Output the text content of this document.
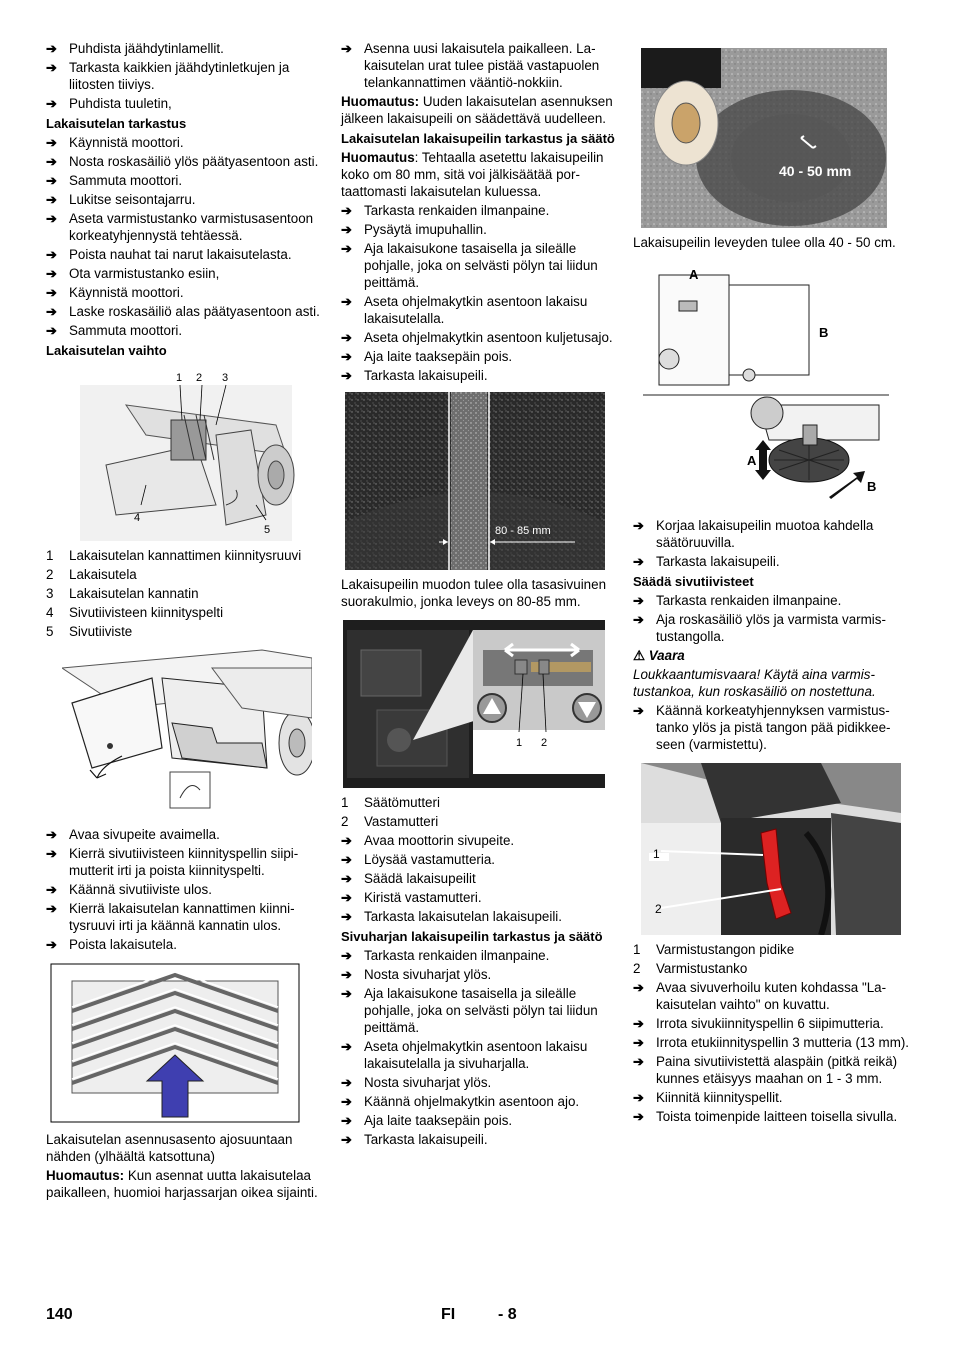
➔ Puhdista jäähdytinlamellit.
➔ Tarkasta kaikkien jäähdytinletkujen ja liitosten tiiviys.
➔ Puhdista tuuletin,
Lakaisutelan tarkastus
➔ Käynnistä moottori.
➔ Nosta roskasäiliö ylös päätyasentoon asti.
➔ Sammuta moottori.
➔ Lukitse seisontajarru.
➔ Aseta varmistustanko varmistusasentoon korkeatyhjennystä tehtäessä.
➔ Poista nauhat tai narut lakaisutelasta.
➔ Ota varmistustanko esiin,
➔ Käynnistä moottori.
➔ Laske roskasäiliö alas päätyasentoon asti.
➔ Sammuta moottori.
Lakaisutelan vaihto
1 2 3
4
5
1 Lakaisutelan kannattimen kiinnitysruuvi
2 Lakaisutela
3 Lakaisutelan kannatin
4 Sivutiivisteen kiinnityspelti
5 Sivutiiviste
➔ Avaa sivupeite avaimella.
➔ Kierrä sivutiivisteen kiinnityspellin siipimutterit irti ja poista kiinnityspelti.
➔ Käännä sivutiiviste ulos.
➔ Kierrä lakaisutelan kannattimen kiinnitysruuvi irti ja käännä kannatin ulos.
➔ Poista lakaisutela.
Lakaisutelan asennusasento ajosuuntaan nähden (ylhäältä katsottuna)
Huomautus: Kun asennat uutta lakaisutelaa paikalleen, huomioi harjassarjan oikea sijainti.
➔ Asenna uusi lakaisutela paikalleen. Lakaisutelan urat tulee pistää vastapuolen telankannattimen vääntiö-nokkiin.
Huomautus: Uuden lakaisutelan asennuksen jälkeen lakaisupeili on säädettävä uudelleen.
Lakaisutelan lakaisupeilin tarkastus ja säätö
Huomautus: Tehtaalla asetettu lakaisupeilin koko om 80 mm, sitä voi jälkisäätää portaattomasti lakaisutelan kuluessa.
➔ Tarkasta renkaiden ilmanpaine.
➔ Pysäytä imupuhallin.
➔ Aja lakaisukone tasaisella ja sileälle pohjalle, joka on selvästi pölyn tai liidun peittämä.
➔ Aseta ohjelmakytkin asentoon lakaisu lakaisutelalla.
➔ Aseta ohjelmakytkin asentoon kuljetusajo.
➔ Aja laite taaksepäin pois.
➔ Tarkasta lakaisupeili.
80 - 85 mm
Lakaisupeilin muodon tulee olla tasasivuinen suorakulmio, jonka leveys on 80-85 mm.
1 2
1 Säätömutteri
2 Vastamutteri
➔ Avaa moottorin sivupeite.
➔ Löysää vastamutteria.
➔ Säädä lakaisupeilit
➔ Kiristä vastamutteri.
➔ Tarkasta lakaisutelan lakaisupeili.
Sivuharjan lakaisupeilin tarkastus ja säätö
➔ Tarkasta renkaiden ilmanpaine.
➔ Nosta sivuharjat ylös.
➔ Aja lakaisukone tasaisella ja sileälle pohjalle, joka on selvästi pölyn tai liidun peittämä.
➔ Aseta ohjelmakytkin asentoon lakaisu lakaisutelalla ja sivuharjalla.
➔ Nosta sivuharjat ylös.
➔ Käännä ohjelmakytkin asentoon ajo.
➔ Aja laite taaksepäin pois.
➔ Tarkasta lakaisupeili.
40 - 50 mm
Lakaisupeilin leveyden tulee olla 40 - 50 cm.
A
B
A
B
➔ Korjaa lakaisupeilin muotoa kahdella säätöruuvilla.
➔ Tarkasta lakaisupeili.
Säädä sivutiivisteet
➔ Tarkasta renkaiden ilmanpaine.
➔ Aja roskasäiliö ylös ja varmista varmistustangolla.
⚠ Vaara
Loukkaantumisvaara! Käytä aina varmistustankoa, kun roskasäiliö on nostettuna.
➔ Käännä korkeatyhjennyksen varmistustanko ylös ja pistä tangon pää pidikkeeseen (varmistettu).
1
2
1 Varmistustangon pidike
2 Varmistustanko
➔ Avaa sivuverhoilu kuten kohdassa "Lakaisutelan vaihto" on kuvattu.
➔ Irrota sivukiinnityspellin 6 siipimutteria.
➔ Irrota etukiinnityspellin 3 mutteria (13 mm).
➔ Paina sivutiivistettä alaspäin (pitkä reikä) kunnes etäisyys maahan on 1 - 3 mm.
➔ Kiinnitä kiinnityspellit.
➔ Toista toimenpide laitteen toisella sivulla.
140	FI	- 8
